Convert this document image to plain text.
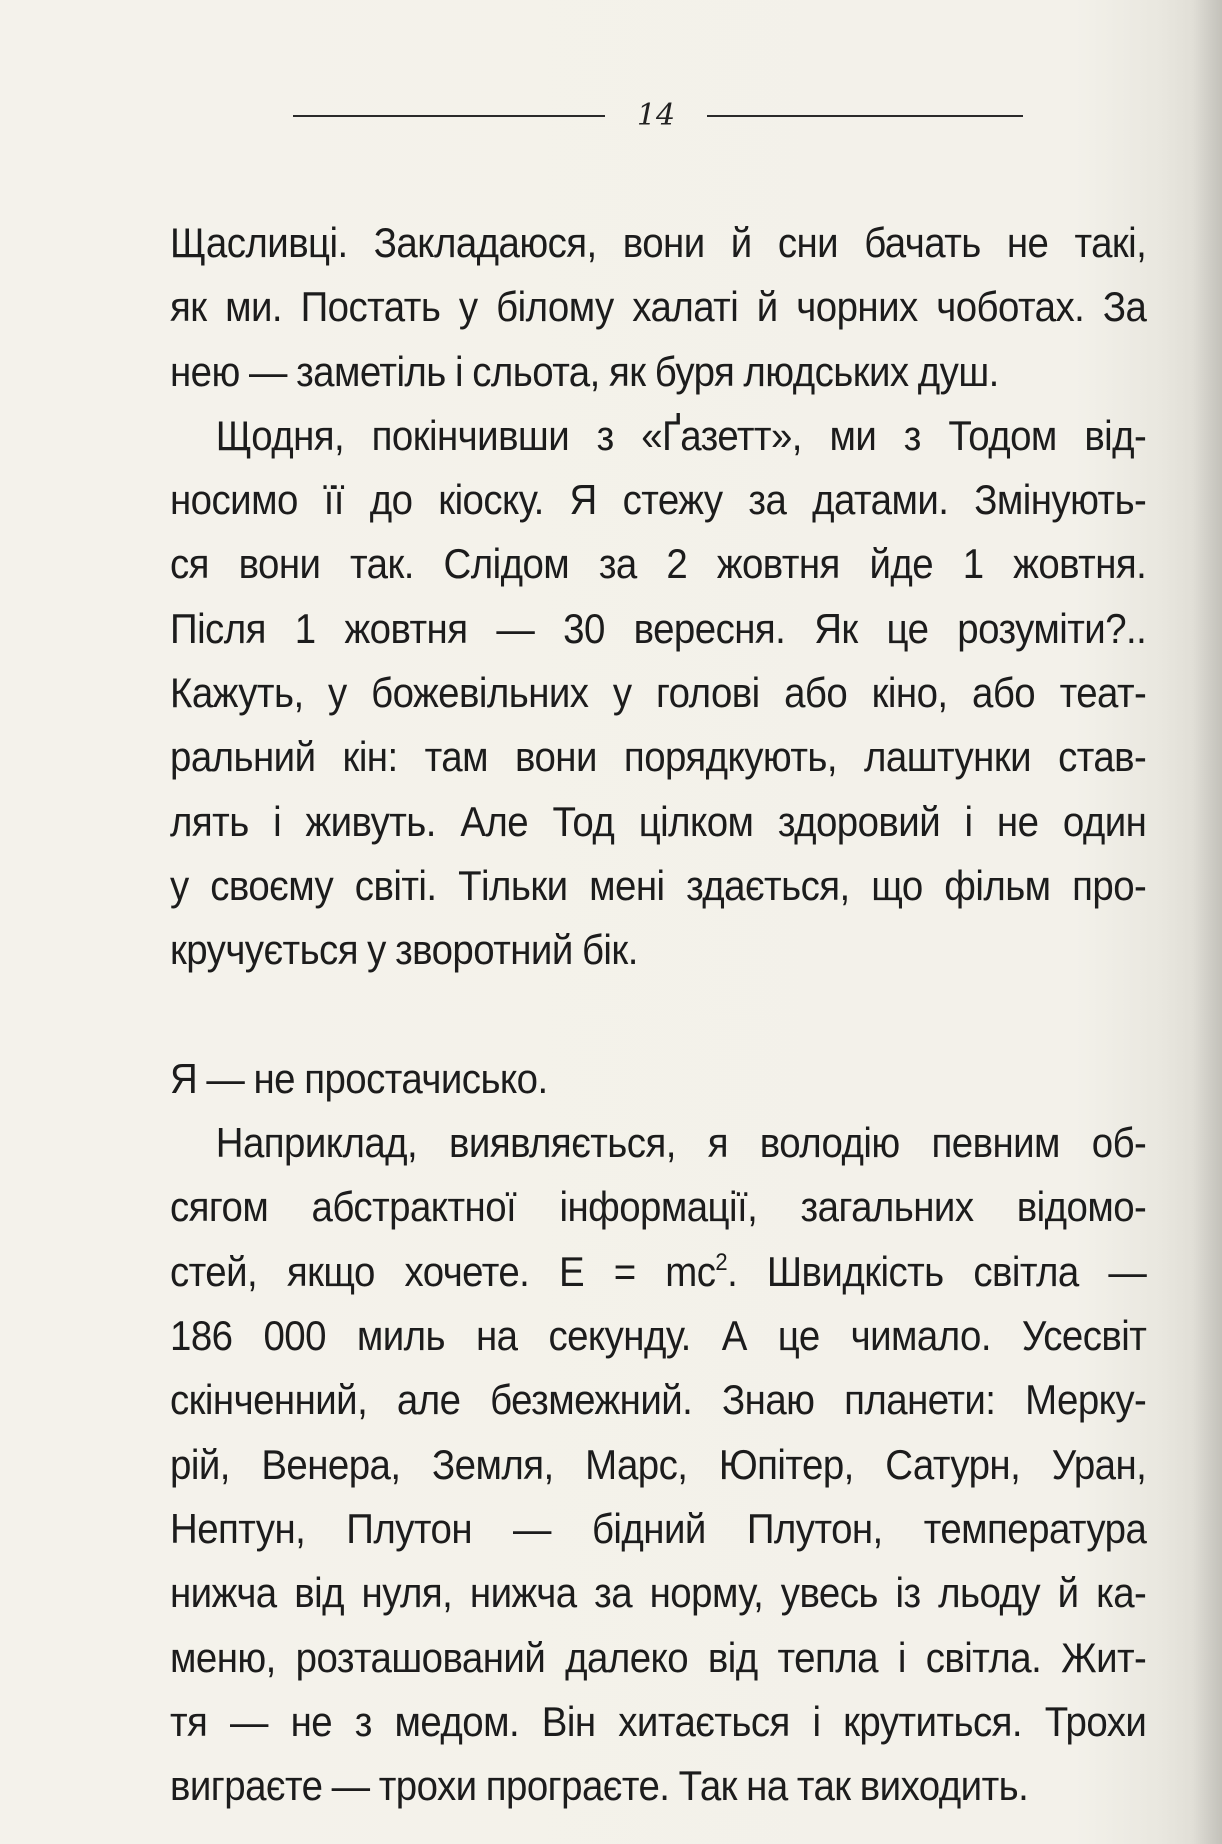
14
Щасливці. Закладаюся, вони й сни бачать не такі,
як ми. Постать у білому халаті й чорних чоботах. За
нею — заметіль і сльота, як буря людських душ.
Щодня, покінчивши з «Ґазетт», ми з Тодом від-
носимо її до кіоску. Я стежу за датами. Змінують-
ся вони так. Слідом за 2 жовтня йде 1 жовтня.
Після 1 жовтня — 30 вересня. Як це розуміти?..
Кажуть, у божевільних у голові або кіно, або теат-
ральний кін: там вони порядкують, лаштунки став-
лять і живуть. Але Тод цілком здоровий і не один
у своєму світі. Тільки мені здається, що фільм про-
кручується у зворотний бік.
Я — не простачисько.
Наприклад, виявляється, я володію певним об-
сягом абстрактної інформації, загальних відомо-
стей, якщо хочете. $E = mc^2$. Швидкість світла —
186 000 миль на секунду. А це чимало. Усесвіт
скінченний, але безмежний. Знаю планети: Мерку-
рій, Венера, Земля, Марс, Юпітер, Сатурн, Уран,
Нептун, Плутон — бідний Плутон, температура
нижча від нуля, нижча за норму, увесь із льоду й ка-
меню, розташований далеко від тепла і світла. Жит-
тя — не з медом. Він хитається і крутиться. Трохи
виграєте — трохи програєте. Так на так виходить.
